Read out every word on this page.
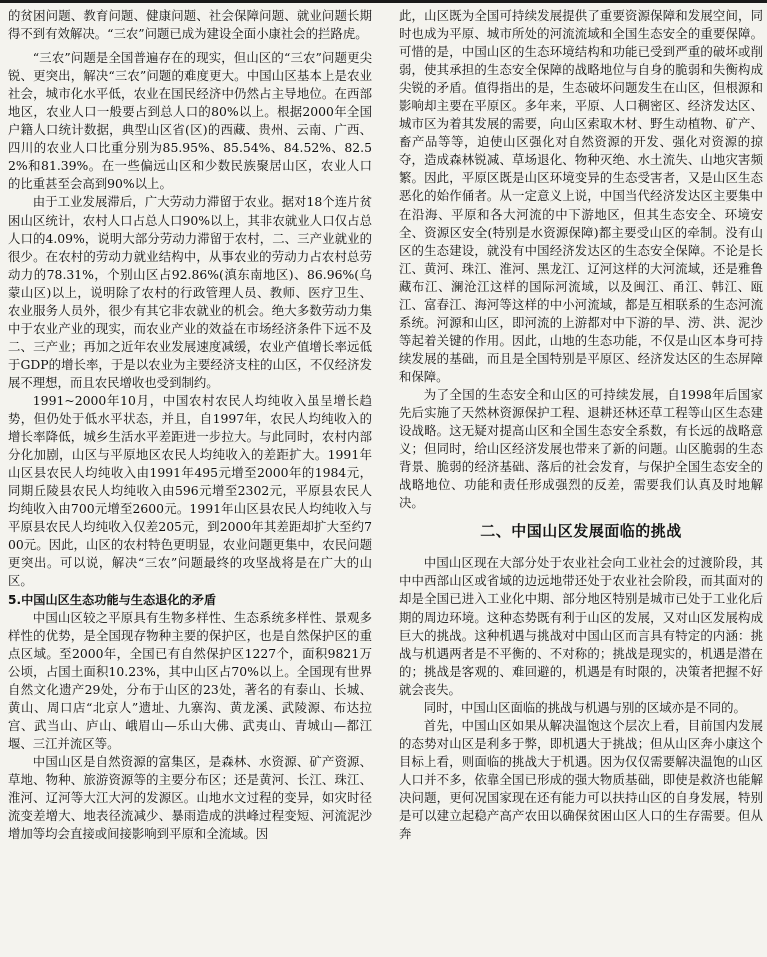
的贫困问题、教育问题、健康问题、社会保障问题、就业问题长期得不到有效解决。“三农”问题已成为建设全面小康社会的拦路虎。

“三农”问题是全国普遍存在的现实，但山区的“三农”问题更尖锐、更突出，解决“三农”问题的难度更大。中国山区基本上是农业社会，城市化水平低，农业在国民经济中仍然占主导地位。在西部地区，农业人口一般要占到总人口的80%以上。根据2000年全国户籍人口统计数据，典型山区省(区)的西藏、贵州、云南、广西、四川的农业人口比重分别为85.95%、85.54%、84.52%、82.52%和81.39%。在一些偏远山区和少数民族聚居山区，农业人口的比重甚至会高到90%以上。

由于工业发展滞后，广大劳动力滞留于农业。据对18个连片贫困山区统计，农村人口占总人口90%以上，其非农就业人口仅占总人口的4.09%，说明大部分劳动力滞留于农村，二、三产业就业的很少。在农村的劳动力就业结构中，从事农业的劳动力占农村总劳动力的78.31%，个别山区占92.86%(滇东南地区)、86.96%(乌蒙山区)以上，说明除了农村的行政管理人员、教师、医疗卫生、农业服务人员外，很少有其它非农就业的机会。绝大多数劳动力集中于农业产业的现实，而农业产业的效益在市场经济条件下远不及二、三产业；再加之近年农业发展速度减缓，农业产值增长率远低于GDP的增长率，于是以农业为主要经济支柱的山区，不仅经济发展不理想，而且农民增收也受到制约。

1991~2000年10月，中国农村农民人均纯收入虽呈增长趋势，但仍处于低水平状态，并且，自1997年，农民人均纯收入的增长率降低，城乡生活水平差距进一步拉大。与此同时，农村内部分化加剧，山区与平原地区农民人均纯收入的差距扩大。1991年山区县农民人均纯收入由1991年495元增至2000年的1984元，同期丘陵县农民人均纯收入由596元增至2302元，平原县农民人均纯收入由700元增至2600元。1991年山区县农民人均纯收入与平原县农民人均纯收入仅差205元，到2000年其差距却扩大至约700元。因此，山区的农村特色更明显，农业问题更集中，农民问题更突出。可以说，解决“三农”问题最终的攻坚战将是在广大的山区。

5.中国山区生态功能与生态退化的矛盾

中国山区较之平原具有生物多样性、生态系统多样性、景观多样性的优势，是全国现存物种主要的保护区，也是自然保护区的重点区域。至2000年，全国已有自然保护区1227个，面积9821万公顷，占国土面积10.23%，其中山区占70%以上。全国现有世界自然文化遗产29处，分布于山区的23处，著名的有泰山、长城、黄山、周口店“北京人”遗址、九寨沟、黄龙溪、武陵源、布达拉宫、武当山、庐山、峨眉山—乐山大佛、武夷山、青城山—都江堰、三江并流区等。

中国山区是自然资源的富集区，是森林、水资源、矿产资源、草地、物种、旅游资源等的主要分布区；还是黄河、长江、珠江、淮河、辽河等大江大河的发源区。山地水文过程的变异，如灾时径流变差增大、地表径流减少、暴雨造成的洪峰过程变短、河流泥沙增加等均会直接或间接影响到平原和全流域。因

此，山区既为全国可持续发展提供了重要资源保障和发展空间，同时也成为平原、城市所处的河流流域和全国生态安全的重要保障。可惜的是，中国山区的生态环境结构和功能已受到严重的破坏或削弱，使其承担的生态安全保障的战略地位与自身的脆弱和失衡构成尖锐的矛盾。值得指出的是，生态破坏问题发生在山区，但根源和影响却主要在平原区。多年来，平原、人口稠密区、经济发达区、城市区为着其发展的需要，向山区索取木材、野生动植物、矿产、畜产品等等，迫使山区强化对自然资源的开发、强化对资源的掠夺，造成森林锐减、草场退化、物种灭绝、水土流失、山地灾害频繁。因此，平原区既是山区环境变异的生态受害者，又是山区生态恶化的始作俑者。从一定意义上说，中国当代经济发达区主要集中在沿海、平原和各大河流的中下游地区，但其生态安全、环境安全、资源区安全(特别是水资源保障)都主要受山区的牵制。没有山区的生态建设，就没有中国经济发达区的生态安全保障。不论是长江、黄河、珠江、淮河、黑龙江、辽河这样的大河流域，还是雅鲁藏布江、澜沧江这样的国际河流域，以及闽江、甬江、韩江、瓯江、富春江、海河等这样的中小河流域，都是互相联系的生态河流系统。河源和山区，即河流的上游都对中下游的旱、涝、洪、泥沙等起着关键的作用。因此，山地的生态功能，不仅是山区本身可持续发展的基础，而且是全国特别是平原区、经济发达区的生态屏障和保障。

为了全国的生态安全和山区的可持续发展，自1998年后国家先后实施了天然林资源保护工程、退耕还林还草工程等山区生态建设战略。这无疑对提高山区和全国生态安全系数，有长远的战略意义；但同时，给山区经济发展也带来了新的问题。山区脆弱的生态背景、脆弱的经济基础、落后的社会发育，与保护全国生态安全的战略地位、功能和责任形成强烈的反差，需要我们认真及时地解决。

二、中国山区发展面临的挑战

中国山区现在大部分处于农业社会向工业社会的过渡阶段，其中中西部山区或省域的边远地带还处于农业社会阶段，而其面对的却是全国已进入工业化中期、部分地区特别是城市已处于工业化后期的周边环境。这种态势既有利于山区的发展，又对山区发展构成巨大的挑战。这种机遇与挑战对中国山区而言具有特定的内涵：挑战与机遇两者是不平衡的、不对称的；挑战是现实的，机遇是潜在的；挑战是客观的、难回避的，机遇是有时限的，决策者把握不好就会丧失。

同时，中国山区面临的挑战与机遇与别的区域亦是不同的。

首先，中国山区如果从解决温饱这个层次上看，目前国内发展的态势对山区是利多于弊，即机遇大于挑战；但从山区奔小康这个目标上看，则面临的挑战大于机遇。因为仅仅需要解决温饱的山区人口并不多，依靠全国已形成的强大物质基础，即使是救济也能解决问题，更何况国家现在还有能力可以扶持山区的自身发展，特别是可以建立起稳产高产农田以确保贫困山区人口的生存需要。但从奔
